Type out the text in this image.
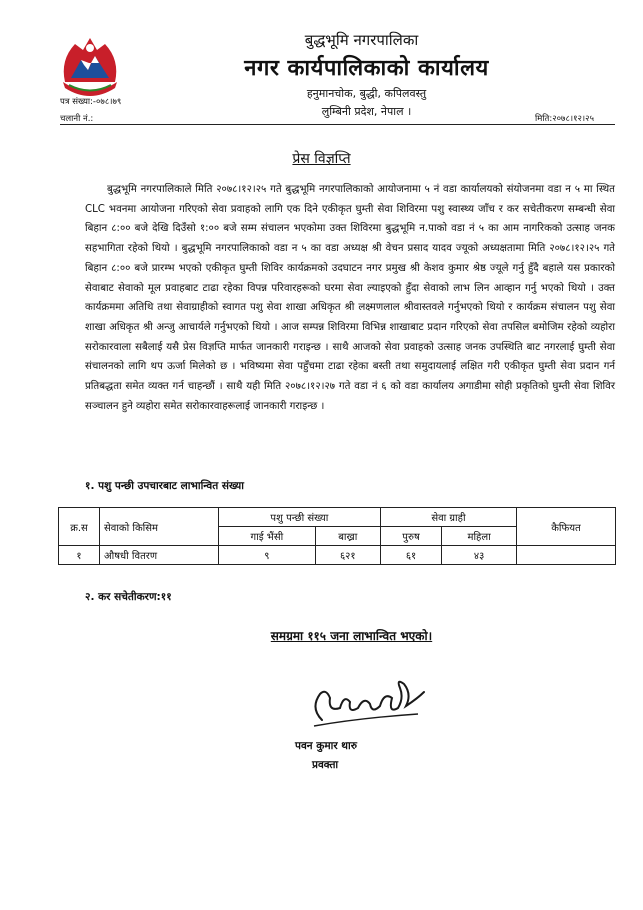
बुद्धभूमि नगरपालिका
नगर कार्यपालिकाको कार्यालय
हनुमानचोक, बुद्धी, कपिलवस्तु
लुम्बिनी प्रदेश, नेपाल ।
पत्र संख्या:-०७८।७९
चलानी नं.:	मिति:२०७८।१२।२५
प्रेस विज्ञप्ति

बुद्धभूमि नगरपालिकाले मिति २०७८।१२।२५ गते बुद्धभूमि नगरपालिकाको आयोजनामा ५ नं वडा कार्यालयको संयोजनमा वडा न ५ मा स्थित CLC भवनमा आयोजना गरिएको सेवा प्रवाहको लागि एक दिने एकीकृत घुम्ती सेवा शिविरमा पशु स्वास्थ्य जाँच र कर सचेतीकरण सम्बन्धी सेवा बिहान ८:०० बजे देखि दिउँसो १:०० बजे सम्म संचालन भएकोमा उक्त शिविरमा बुद्धभूमि न.पाको वडा नं ५ का आम नागरिकको उत्साह जनक सहभागिता रहेको थियो । बुद्धभूमि नगरपालिकाको वडा न ५ का वडा अध्यक्ष श्री वेचन प्रसाद यादव ज्यूको अध्यक्षतामा मिति २०७८।१२।२५ गते बिहान ८:०० बजे प्रारम्भ भएको एकीकृत घुम्ती शिविर कार्यक्रमको उदघाटन नगर प्रमुख श्री केशव कुमार श्रेष्ठ ज्यूले गर्नु हुँदै बहाले यस प्रकारको सेवाबाट सेवाको मूल प्रवाहबाट टाढा रहेका विपन्न परिवारहरूको घरमा सेवा ल्याइएको हुँदा सेवाको लाभ लिन आव्हान गर्नु भएको थियो । उक्त कार्यक्रममा अतिथि तथा सेवाग्राहीको स्वागत पशु सेवा शाखा अधिकृत श्री लक्ष्मणलाल श्रीवास्तवले गर्नुभएको थियो र कार्यक्रम संचालन पशु सेवा शाखा अधिकृत श्री अन्जु आचार्यले गर्नुभएको थियो । आज सम्पन्न शिविरमा विभिन्न शाखाबाट प्रदान गरिएको सेवा तपसिल बमोजिम रहेको व्यहोरा सरोकारवाला सबैलाई यसै प्रेस विज्ञप्ति मार्फत जानकारी गराइन्छ । साथै आजको सेवा प्रवाहको उत्साह जनक उपस्थिति बाट नगरलाई घुम्ती सेवा संचालनको लागि थप ऊर्जा मिलेको छ । भविष्यमा सेवा पहुँचमा टाढा रहेका बस्ती तथा समुदायलाई लक्षित गरी एकीकृत घुम्ती सेवा प्रदान गर्न प्रतिबद्धता समेत व्यक्त गर्न चाहन्छौं । साथै यही मिति २०७८।१२।२७ गते वडा नं ६ को वडा कार्यालय अगाडीमा सोही प्रकृतिको घुम्ती सेवा शिविर सञ्चालन हुने व्यहोरा समेत सरोकारवाहरूलाई जानकारी गराइन्छ ।

१. पशु पन्छी उपचारबाट लाभान्वित संख्या
क्र.स	सेवाको किसिम	पशु पन्छी संख्या		सेवा ग्राही		कैफियत
		गाई भैंसी	बाख्रा	पुरुष	महिला	
१	औषधी वितरण	९	६२१	६१	४३	
२. कर सचेतीकरण:११
समग्रमा ११५ जना लाभान्वित भएको।
पवन कुमार थारु
प्रवक्ता
